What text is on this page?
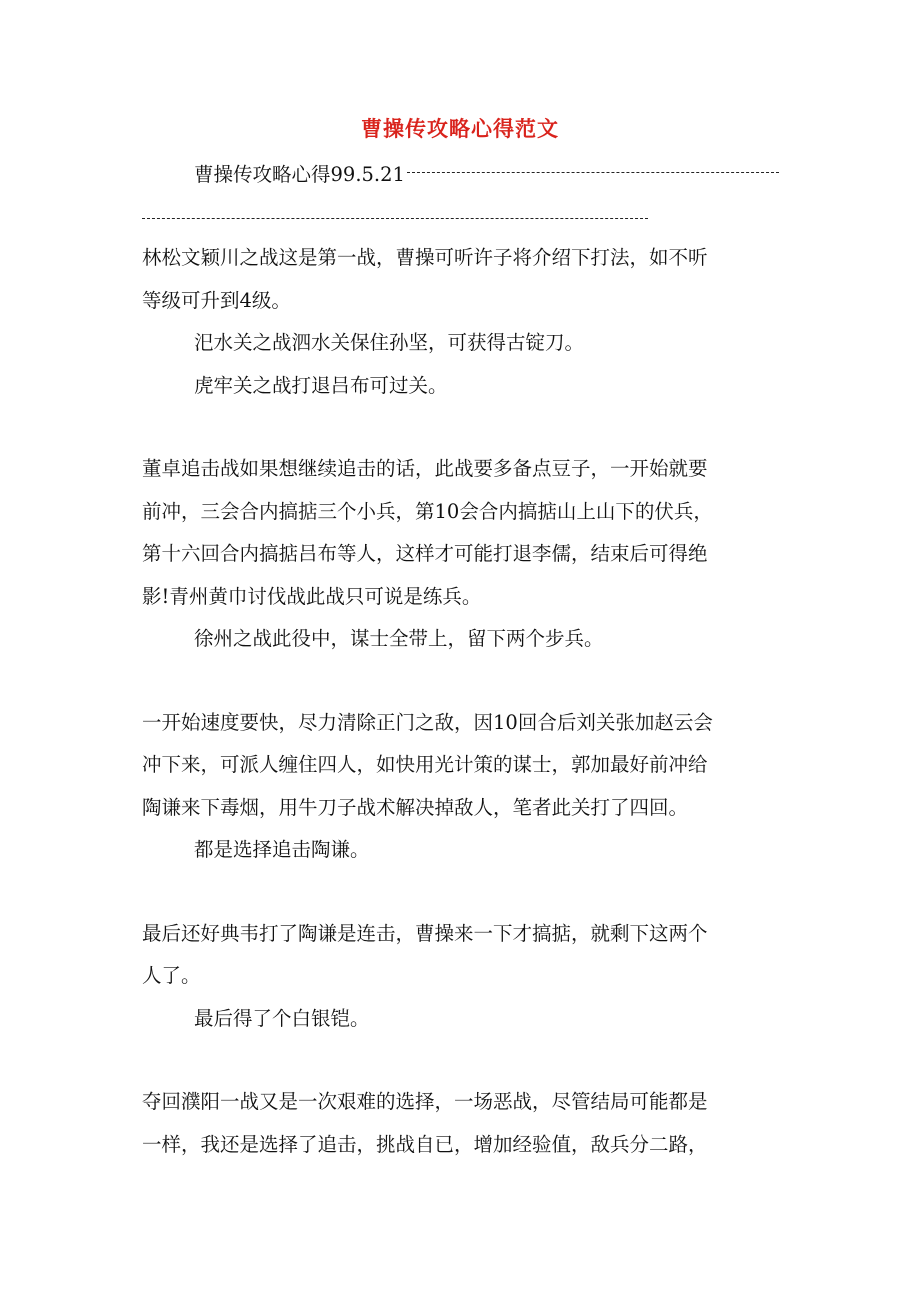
曹操传攻略心得范文
曹操传攻略心得99.5.21
林松文颖川之战这是第一战，曹操可听许子将介绍下打法，如不听
等级可升到4级。
汜水关之战泗水关保住孙坚，可获得古锭刀。
虎牢关之战打退吕布可过关。
董卓追击战如果想继续追击的话，此战要多备点豆子，一开始就要
前冲，三会合内搞掂三个小兵，第10会合内搞掂山上山下的伏兵，
第十六回合内搞掂吕布等人，这样才可能打退李儒，结束后可得绝
影!青州黄巾讨伐战此战只可说是练兵。
徐州之战此役中，谋士全带上，留下两个步兵。
一开始速度要快，尽力清除正门之敌，因10回合后刘关张加赵云会
冲下来，可派人缠住四人，如快用光计策的谋士，郭加最好前冲给
陶谦来下毒烟，用牛刀子战术解决掉敌人，笔者此关打了四回。
都是选择追击陶谦。
最后还好典韦打了陶谦是连击，曹操来一下才搞掂，就剩下这两个
人了。
最后得了个白银铠。
夺回濮阳一战又是一次艰难的选择，一场恶战，尽管结局可能都是
一样，我还是选择了追击，挑战自已，增加经验值，敌兵分二路，
